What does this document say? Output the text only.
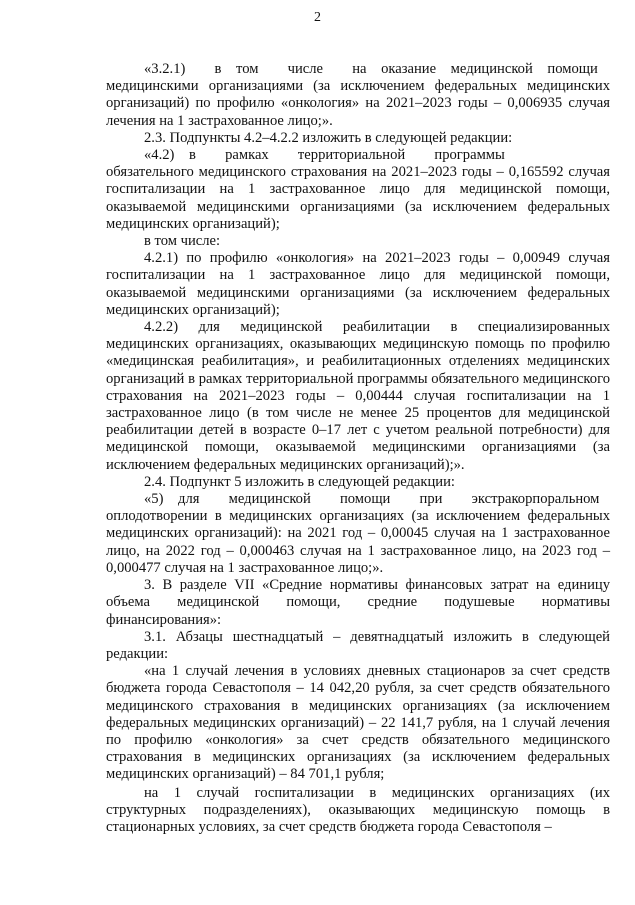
2

«3.2.1)  в том  числе  на оказание медицинской помощи медицинскими организациями (за исключением федеральных медицинских организаций) по профилю «онкология» на 2021–2023 годы – 0,006935 случая лечения на 1 застрахованное лицо;».

2.3. Подпункты 4.2–4.2.2 изложить в следующей редакции:

«4.2) в  рамках  территориальной  программы  обязательного медицинского страхования на 2021–2023 годы – 0,165592 случая госпитализации на 1 застрахованное лицо для медицинской помощи, оказываемой медицинскими организациями (за исключением федеральных медицинских организаций);

в том числе:

4.2.1) по профилю «онкология» на 2021–2023 годы – 0,00949 случая госпитализации на 1 застрахованное лицо для медицинской помощи, оказываемой медицинскими организациями (за исключением федеральных медицинских организаций);

4.2.2) для медицинской реабилитации в специализированных медицинских организациях, оказывающих медицинскую помощь по профилю «медицинская реабилитация», и реабилитационных отделениях медицинских организаций в рамках территориальной программы обязательного медицинского страхования на 2021–2023 годы – 0,00444 случая госпитализации на 1 застрахованное лицо (в том числе не менее 25 процентов для медицинской реабилитации детей в возрасте 0–17 лет с учетом реальной потребности) для медицинской помощи, оказываемой медицинскими организациями (за исключением федеральных медицинских организаций);».

2.4. Подпункт 5 изложить в следующей редакции:

«5) для  медицинской  помощи  при  экстракорпоральном оплодотворении в медицинских организациях (за исключением федеральных медицинских организаций): на 2021 год – 0,00045 случая на 1 застрахованное лицо, на 2022 год – 0,000463 случая на 1 застрахованное лицо, на 2023 год – 0,000477 случая на 1 застрахованное лицо;».

3. В разделе VII «Средние нормативы финансовых затрат на единицу объема медицинской помощи, средние подушевые нормативы финансирования»:

3.1. Абзацы шестнадцатый – девятнадцатый изложить в следующей редакции:

«на 1 случай лечения в условиях дневных стационаров за счет средств бюджета города Севастополя – 14 042,20 рубля, за счет средств обязательного медицинского страхования в медицинских организациях (за исключением федеральных медицинских организаций) – 22 141,7 рубля, на 1 случай лечения по профилю «онкология» за счет средств обязательного медицинского страхования в медицинских организациях (за исключением федеральных медицинских организаций) – 84 701,1 рубля;

на 1 случай госпитализации в медицинских организациях (их структурных подразделениях), оказывающих медицинскую помощь в стационарных условиях, за счет средств бюджета города Севастополя –
